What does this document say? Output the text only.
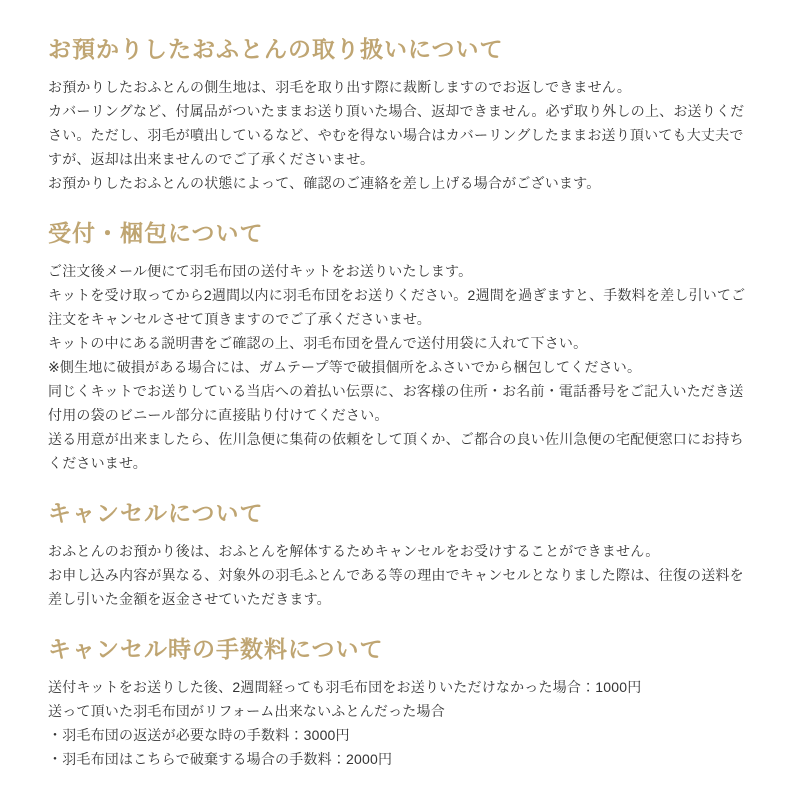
お預かりしたおふとんの取り扱いについて

お預かりしたおふとんの側生地は、羽毛を取り出す際に裁断しますのでお返しできません。

カバーリングなど、付属品がついたままお送り頂いた場合、返却できません。必ず取り外しの上、お送りください。ただし、羽毛が噴出しているなど、やむを得ない場合はカバーリングしたままお送り頂いても大丈夫ですが、返却は出来ませんのでご了承くださいませ。

お預かりしたおふとんの状態によって、確認のご連絡を差し上げる場合がございます。

受付・梱包について

ご注文後メール便にて羽毛布団の送付キットをお送りいたします。

キットを受け取ってから2週間以内に羽毛布団をお送りください。2週間を過ぎますと、手数料を差し引いてご注文をキャンセルさせて頂きますのでご了承くださいませ。

キットの中にある説明書をご確認の上、羽毛布団を畳んで送付用袋に入れて下さい。

※側生地に破損がある場合には、ガムテープ等で破損個所をふさいでから梱包してください。

同じくキットでお送りしている当店への着払い伝票に、お客様の住所・お名前・電話番号をご記入いただき送付用の袋のビニール部分に直接貼り付けてください。

送る用意が出来ましたら、佐川急便に集荷の依頼をして頂くか、ご都合の良い佐川急便の宅配便窓口にお持ちくださいませ。

キャンセルについて

おふとんのお預かり後は、おふとんを解体するためキャンセルをお受けすることができません。

お申し込み内容が異なる、対象外の羽毛ふとんである等の理由でキャンセルとなりました際は、往復の送料を差し引いた金額を返金させていただきます。

キャンセル時の手数料について

送付キットをお送りした後、2週間経っても羽毛布団をお送りいただけなかった場合：1000円

送って頂いた羽毛布団がリフォーム出来ないふとんだった場合

・羽毛布団の返送が必要な時の手数料：3000円

・羽毛布団はこちらで破棄する場合の手数料：2000円
